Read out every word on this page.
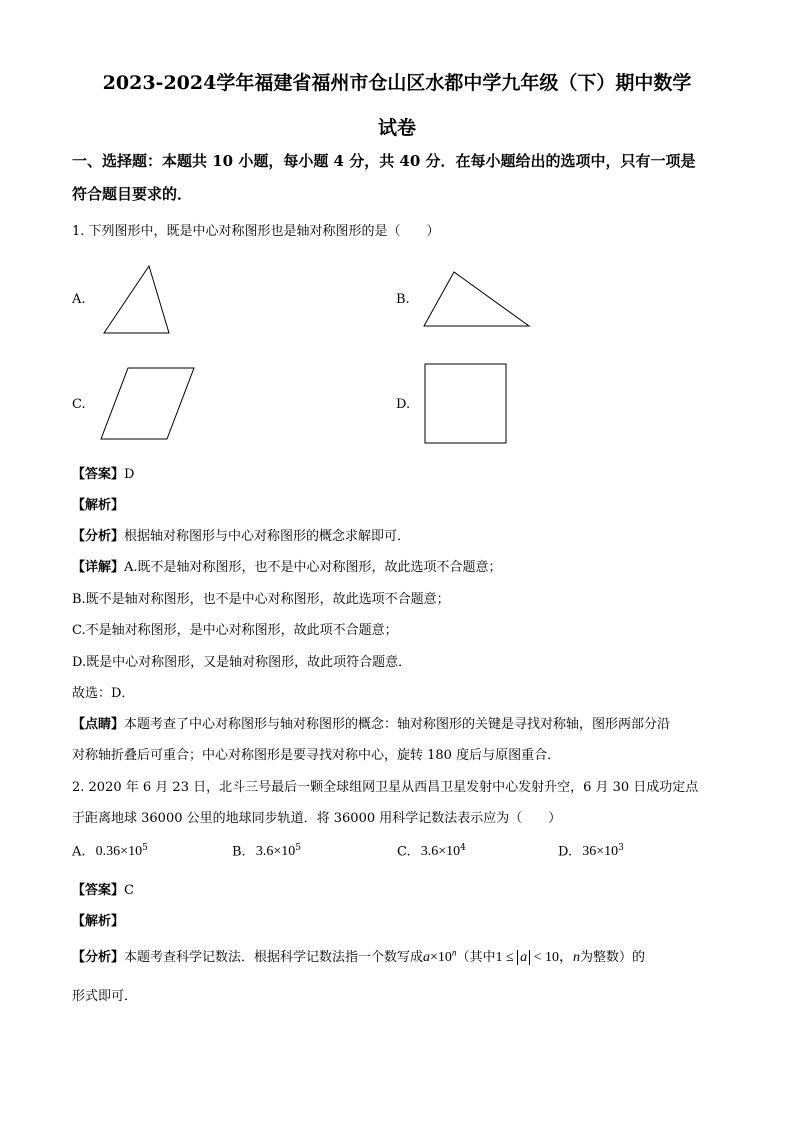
2023-2024学年福建省福州市仓山区水都中学九年级（下）期中数学
试卷
一、选择题：本题共 10 小题，每小题 4 分，共 40 分．在每小题给出的选项中，只有一项是
符合题目要求的．
1. 下列图形中，既是中心对称图形也是轴对称图形的是（　　）
A.	B.
C.	D.
【答案】D
【解析】
【分析】根据轴对称图形与中心对称图形的概念求解即可．
【详解】A.既不是轴对称图形，也不是中心对称图形，故此选项不合题意；
B.既不是轴对称图形，也不是中心对称图形，故此选项不合题意；
C.不是轴对称图形，是中心对称图形，故此项不合题意；
D.既是中心对称图形，又是轴对称图形，故此项符合题意．
故选：D．
【点睛】本题考查了中心对称图形与轴对称图形的概念：轴对称图形的关键是寻找对称轴，图形两部分沿
对称轴折叠后可重合；中心对称图形是要寻找对称中心，旋转 180 度后与原图重合．
2. 2020 年 6 月 23 日，北斗三号最后一颗全球组网卫星从西昌卫星发射中心发射升空，6 月 30 日成功定点
于距离地球 36000 公里的地球同步轨道．将 36000 用科学记数法表示应为（　　）
A. $0.36\times 10^5$	B. $3.6\times 10^5$	C. $3.6\times 10^4$	D. $36\times 10^3$
【答案】C
【解析】
【分析】本题考查科学记数法．根据科学记数法指一个数写成$a\times 10^n$（其中1 ≤ a < 10，n为整数）的
形式即可．
